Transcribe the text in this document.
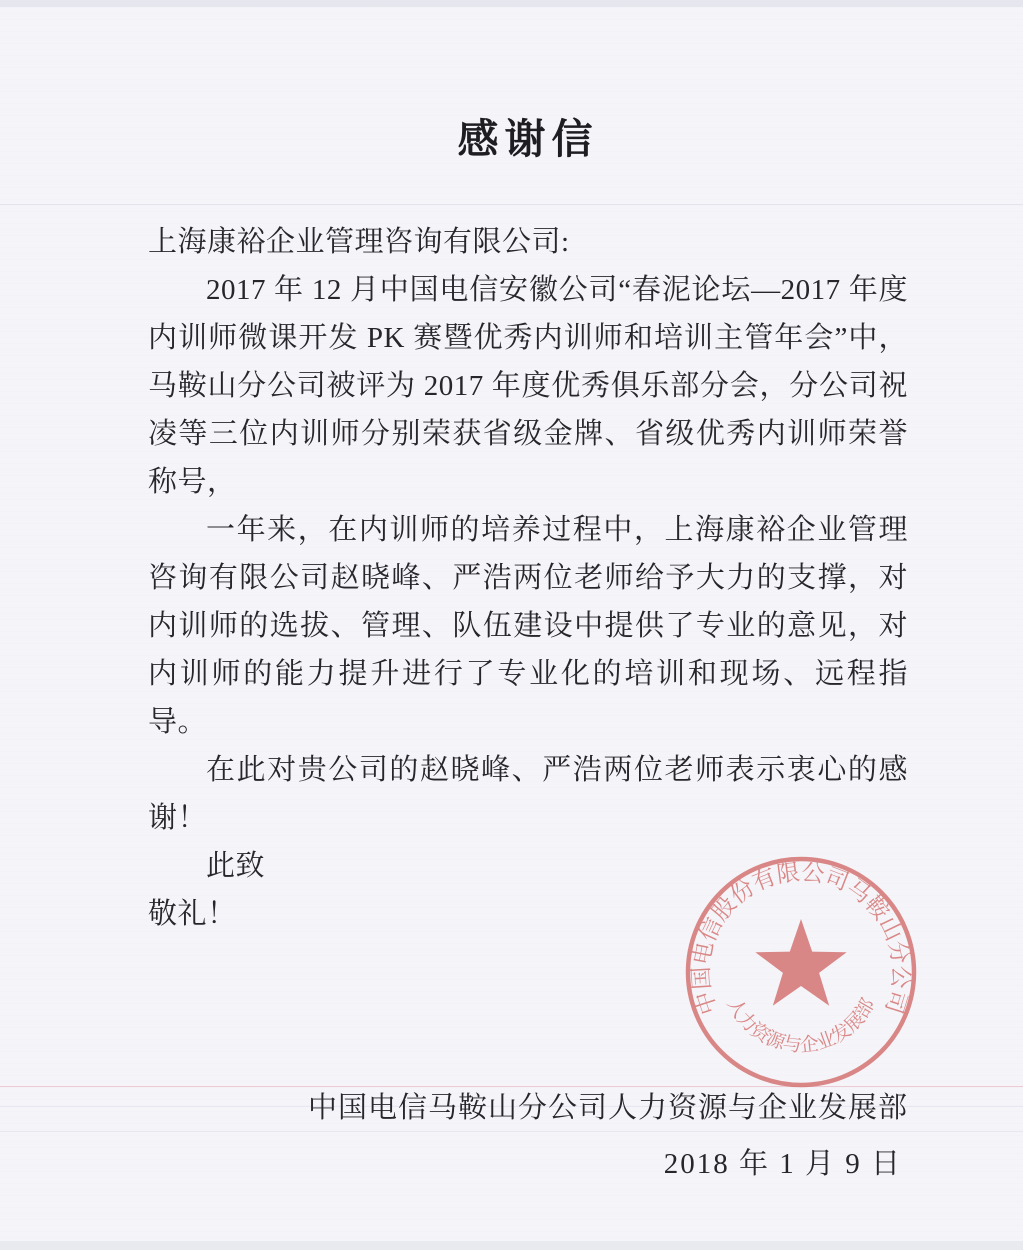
中国电信股份有限公司马鞍山分公司
人力资源与企业发展部
感谢信

上海康裕企业管理咨询有限公司:

2017 年 12 月中国电信安徽公司“春泥论坛—2017 年度内训师微课开发 PK 赛暨优秀内训师和培训主管年会”中，马鞍山分公司被评为 2017 年度优秀俱乐部分会，分公司祝凌等三位内训师分别荣获省级金牌、省级优秀内训师荣誉称号，

一年来，在内训师的培养过程中，上海康裕企业管理咨询有限公司赵晓峰、严浩两位老师给予大力的支撑，对内训师的选拔、管理、队伍建设中提供了专业的意见，对内训师的能力提升进行了专业化的培训和现场、远程指导。

在此对贵公司的赵晓峰、严浩两位老师表示衷心的感谢！

此致

敬礼！

中国电信马鞍山分公司人力资源与企业发展部
2018 年 1 月 9 日
